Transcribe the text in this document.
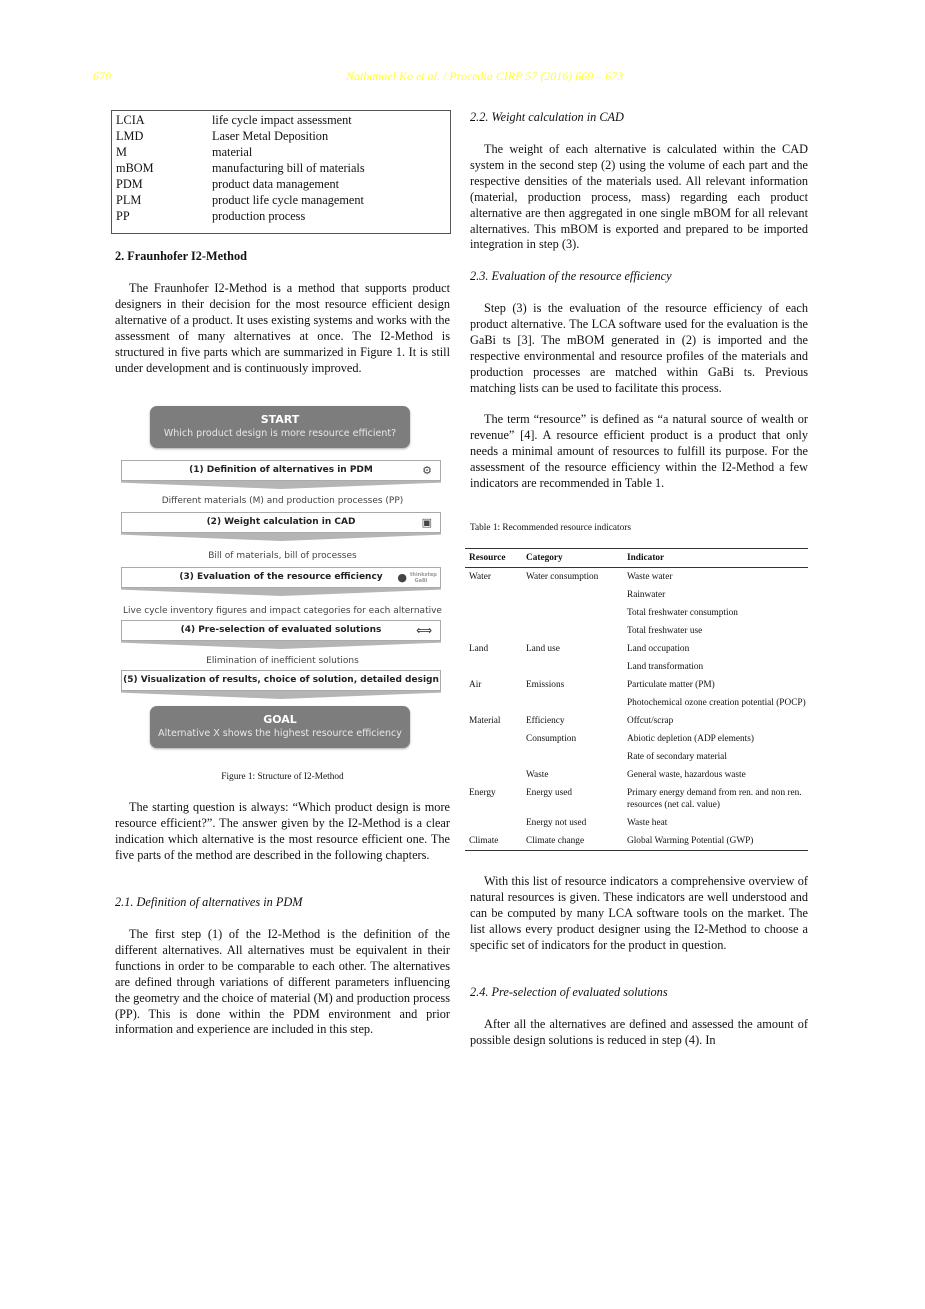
670	Nathanael Ko et al. / Procedia CIRP 57 (2016) 669 – 673
LCIA	life cycle impact assessment
LMD	Laser Metal Deposition
M	material
mBOM	manufacturing bill of materials
PDM	product data management
PLM	product life cycle management
PP	production process
2. Fraunhofer I2-Method

The Fraunhofer I2-Method is a method that supports product designers in their decision for the most resource efficient design alternative of a product. It uses existing systems and works with the assessment of many alternatives at once. The I2-Method is structured in five parts which are summarized in Figure 1. It is still under development and is continuously improved.

START
Which product design is more resource efficient?
(1) Definition of alternatives in PDM	⚙
Different materials (M) and production processes (PP)
(2) Weight calculation in CAD	▣
Bill of materials, bill of processes
(3) Evaluation of the resource efficiency ● thinkstep GaBi
Live cycle inventory figures and impact categories for each alternative
(4) Pre-selection of evaluated solutions	⟺
Elimination of inefficient solutions
(5) Visualization of results, choice of solution, detailed design
GOAL
Alternative X shows the highest resource efficiency
Figure 1: Structure of I2-Method

The starting question is always: “Which product design is more resource efficient?”. The answer given by the I2-Method is a clear indication which alternative is the most resource efficient one. The five parts of the method are described in the following chapters.

2.1. Definition of alternatives in PDM

The first step (1) of the I2-Method is the definition of the different alternatives. All alternatives must be equivalent in their functions in order to be comparable to each other. The alternatives are defined through variations of different parameters influencing the geometry and the choice of material (M) and production process (PP). This is done within the PDM environment and prior information and experience are included in this step.

2.2. Weight calculation in CAD

The weight of each alternative is calculated within the CAD system in the second step (2) using the volume of each part and the respective densities of the materials used. All relevant information (material, production process, mass) regarding each product alternative are then aggregated in one single mBOM for all relevant alternatives. This mBOM is exported and prepared to be imported integration in step (3).

2.3. Evaluation of the resource efficiency

Step (3) is the evaluation of the resource efficiency of each product alternative. The LCA software used for the evaluation is the GaBi ts [3]. The mBOM generated in (2) is imported and the respective environmental and resource profiles of the materials and production processes are matched within GaBi ts. Previous matching lists can be used to facilitate this process.

The term “resource” is defined as “a natural source of wealth or revenue” [4]. A resource efficient product is a product that only needs a minimal amount of resources to fulfill its purpose. For the assessment of the resource efficiency within the I2-Method a few indicators are recommended in Table 1.

Table 1: Recommended resource indicators
Resource	Category	Indicator
Water	Water consumption	Waste water
		Rainwater
		Total freshwater consumption
		Total freshwater use
Land	Land use	Land occupation
		Land transformation
Air	Emissions	Particulate matter (PM)
		Photochemical ozone creation potential (POCP)
Material	Efficiency	Offcut/scrap
	Consumption	Abiotic depletion (ADP elements)
		Rate of secondary material
	Waste	General waste, hazardous waste
Energy	Energy used	Primary energy demand from ren. and non ren. resources (net cal. value)
	Energy not used	Waste heat
Climate	Climate change	Global Warming Potential (GWP)

With this list of resource indicators a comprehensive overview of natural resources is given. These indicators are well understood and can be computed by many LCA software tools on the market. The list allows every product designer using the I2-Method to choose a specific set of indicators for the product in question.

2.4. Pre-selection of evaluated solutions

After all the alternatives are defined and assessed the amount of possible design solutions is reduced in step (4). In
